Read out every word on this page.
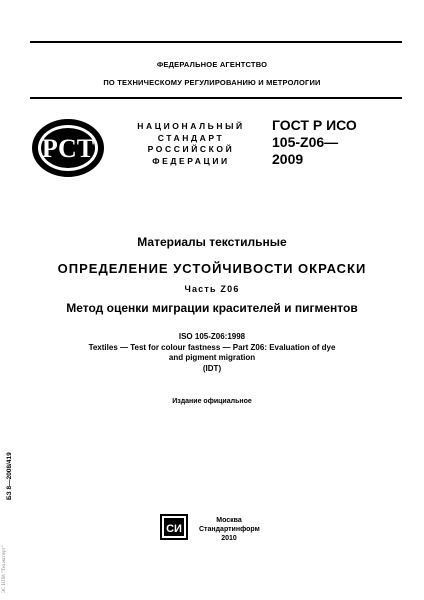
ФЕДЕРАЛЬНОЕ АГЕНТСТВО
ПО ТЕХНИЧЕСКОМУ РЕГУЛИРОВАНИЮ И МЕТРОЛОГИИ
РСТ
НАЦИОНАЛЬНЫЙ
СТАНДАРТ
РОССИЙСКОЙ
ФЕДЕРАЦИИ
ГОСТ Р ИСО
105-Z06—
2009
Материалы текстильные
ОПРЕДЕЛЕНИЕ УСТОЙЧИВОСТИ ОКРАСКИ
Часть Z06
Метод оценки миграции красителей и пигментов
ISO 105-Z06:1998
Textiles — Test for colour fastness — Part Z06: Evaluation of dye
and pigment migration
(IDT)
Издание официальное
БЗ 8—2008/419
ЭС НПИ "Техэксперт"
СИ
Москва
Стандартинформ
2010
